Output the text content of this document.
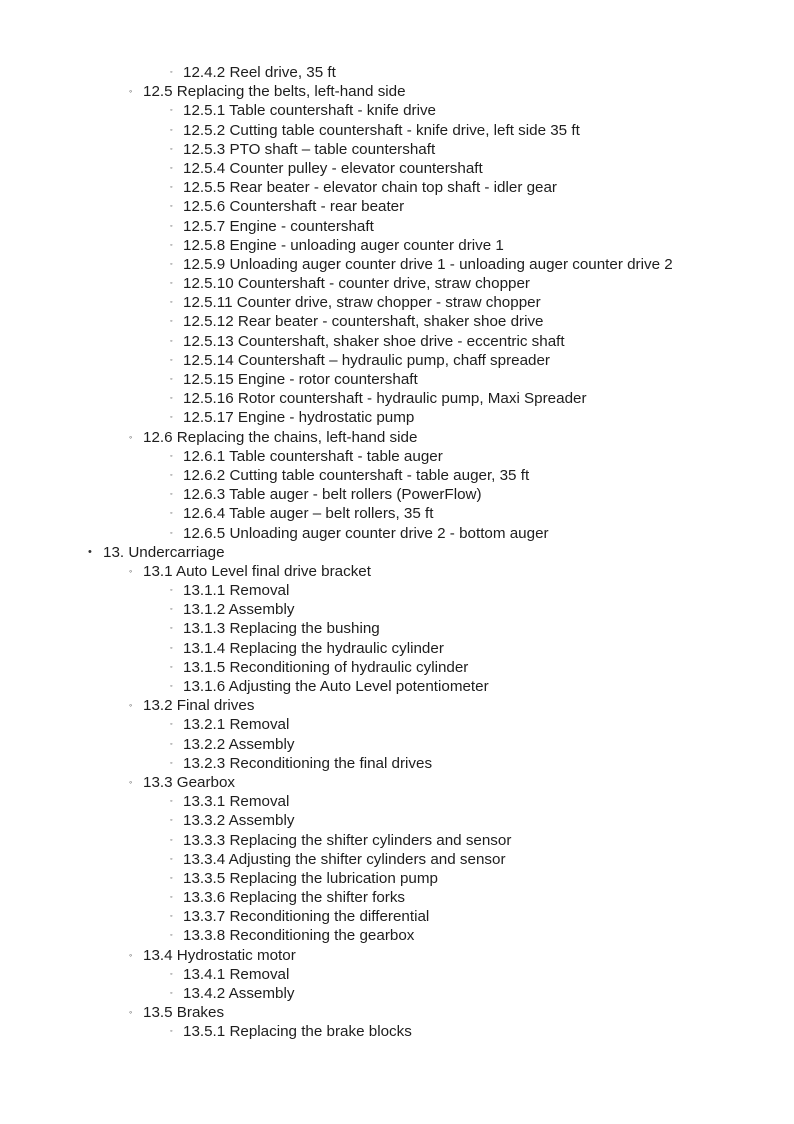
◦ 12.4.2 Reel drive, 35 ft
◦ 12.5 Replacing the belts, left-hand side
◦ 12.5.1 Table countershaft - knife drive
◦ 12.5.2 Cutting table countershaft - knife drive, left side 35 ft
◦ 12.5.3 PTO shaft – table countershaft
◦ 12.5.4 Counter pulley - elevator countershaft
◦ 12.5.5 Rear beater - elevator chain top shaft - idler gear
◦ 12.5.6 Countershaft - rear beater
◦ 12.5.7 Engine - countershaft
◦ 12.5.8 Engine - unloading auger counter drive 1
◦ 12.5.9 Unloading auger counter drive 1 - unloading auger counter drive 2
◦ 12.5.10 Countershaft - counter drive, straw chopper
◦ 12.5.11 Counter drive, straw chopper - straw chopper
◦ 12.5.12 Rear beater - countershaft, shaker shoe drive
◦ 12.5.13 Countershaft, shaker shoe drive - eccentric shaft
◦ 12.5.14 Countershaft – hydraulic pump, chaff spreader
◦ 12.5.15 Engine - rotor countershaft
◦ 12.5.16 Rotor countershaft - hydraulic pump, Maxi Spreader
◦ 12.5.17 Engine - hydrostatic pump
◦ 12.6 Replacing the chains, left-hand side
◦ 12.6.1 Table countershaft - table auger
◦ 12.6.2 Cutting table countershaft - table auger, 35 ft
◦ 12.6.3 Table auger - belt rollers (PowerFlow)
◦ 12.6.4 Table auger – belt rollers, 35 ft
◦ 12.6.5 Unloading auger counter drive 2 - bottom auger
• 13. Undercarriage
◦ 13.1 Auto Level final drive bracket
◦ 13.1.1 Removal
◦ 13.1.2 Assembly
◦ 13.1.3 Replacing the bushing
◦ 13.1.4 Replacing the hydraulic cylinder
◦ 13.1.5 Reconditioning of hydraulic cylinder
◦ 13.1.6 Adjusting the Auto Level potentiometer
◦ 13.2 Final drives
◦ 13.2.1 Removal
◦ 13.2.2 Assembly
◦ 13.2.3 Reconditioning the final drives
◦ 13.3 Gearbox
◦ 13.3.1 Removal
◦ 13.3.2 Assembly
◦ 13.3.3 Replacing the shifter cylinders and sensor
◦ 13.3.4 Adjusting the shifter cylinders and sensor
◦ 13.3.5 Replacing the lubrication pump
◦ 13.3.6 Replacing the shifter forks
◦ 13.3.7 Reconditioning the differential
◦ 13.3.8 Reconditioning the gearbox
◦ 13.4 Hydrostatic motor
◦ 13.4.1 Removal
◦ 13.4.2 Assembly
◦ 13.5 Brakes
◦ 13.5.1 Replacing the brake blocks
